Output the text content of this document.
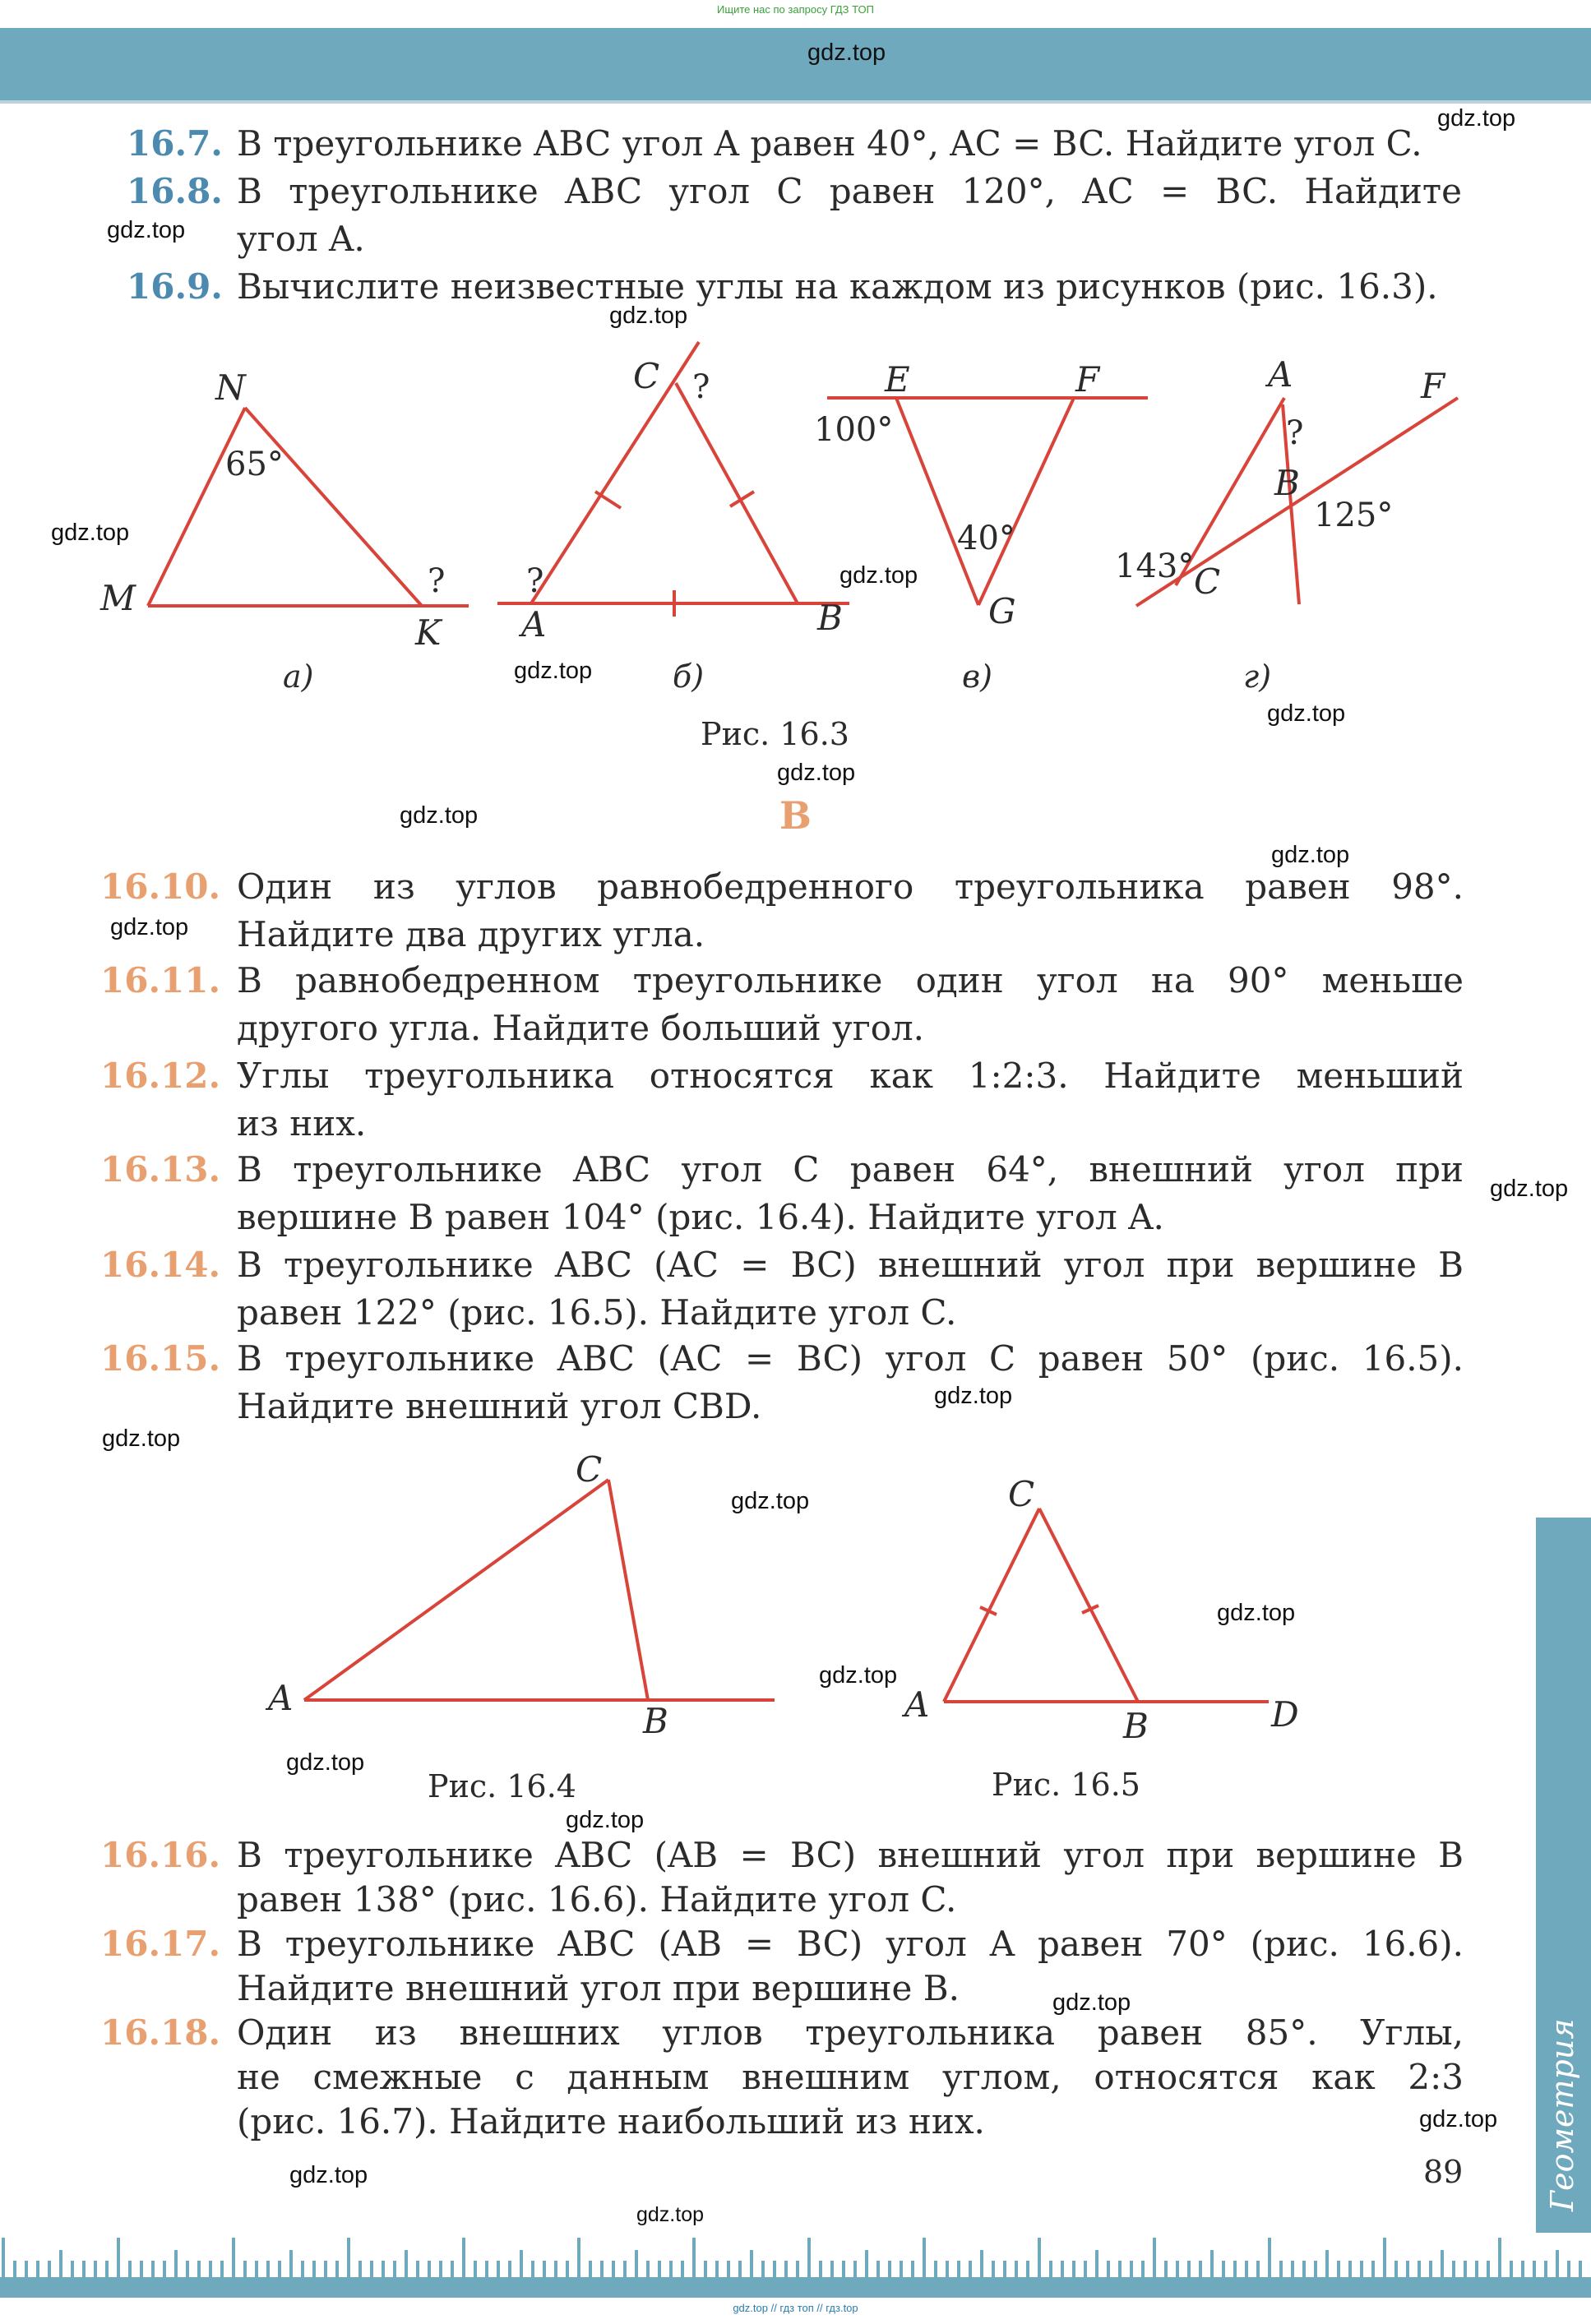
Ищите нас по запросу ГДЗ ТОП
gdz.top
gdz.top
gdz.top
gdz.top
gdz.top
gdz.top
gdz.top
gdz.top
gdz.top
gdz.top
gdz.top
gdz.top
gdz.top
gdz.top
gdz.top
gdz.top
gdz.top
gdz.top
gdz.top
gdz.top
gdz.top
gdz.top
gdz.top
gdz.top
16.7. В треугольнике ABC угол A равен 40°, AC = BC. Найдите угол C.
16.8. В треугольнике ABC угол C равен 120°, AC = BC. Найдите
угол A.
16.9. Вычислите неизвестные углы на каждом из рисунков (рис. 16.3).
N
M
K
C
A	B
E	F
G
A	F
B
C
65°
?
?
?
100°
40°
143°
125°
?
а)	б)	в)	г)
Рис. 16.3
B
16.10. Один из углов равнобедренного треугольника равен 98°.
Найдите два других угла.
16.11. В равнобедренном треугольнике один угол на 90° меньше
другого угла. Найдите больший угол.
16.12. Углы треугольника относятся как 1:2:3. Найдите меньший
из них.
16.13. В треугольнике ABC угол C равен 64°, внешний угол при
вершине B равен 104° (рис. 16.4). Найдите угол A.
16.14. В треугольнике ABC (AC = BC) внешний угол при вершине B
равен 122° (рис. 16.5). Найдите угол C.
16.15. В треугольнике ABC (AC = BC) угол C равен 50° (рис. 16.5).
Найдите внешний угол CBD.
A
B
C
A
B
C
D
Рис. 16.4	Рис. 16.5
16.16. В треугольнике ABC (AB = BC) внешний угол при вершине B
равен 138° (рис. 16.6). Найдите угол C.
16.17. В треугольнике ABC (AB = BC) угол A равен 70° (рис. 16.6).
Найдите внешний угол при вершине B.
16.18. Один из внешних углов треугольника равен 85°. Углы,
не смежные с данным внешним углом, относятся как 2:3
(рис. 16.7). Найдите наибольший из них.	Геометрия
89
gdz.top // гдз топ // гдз.top
